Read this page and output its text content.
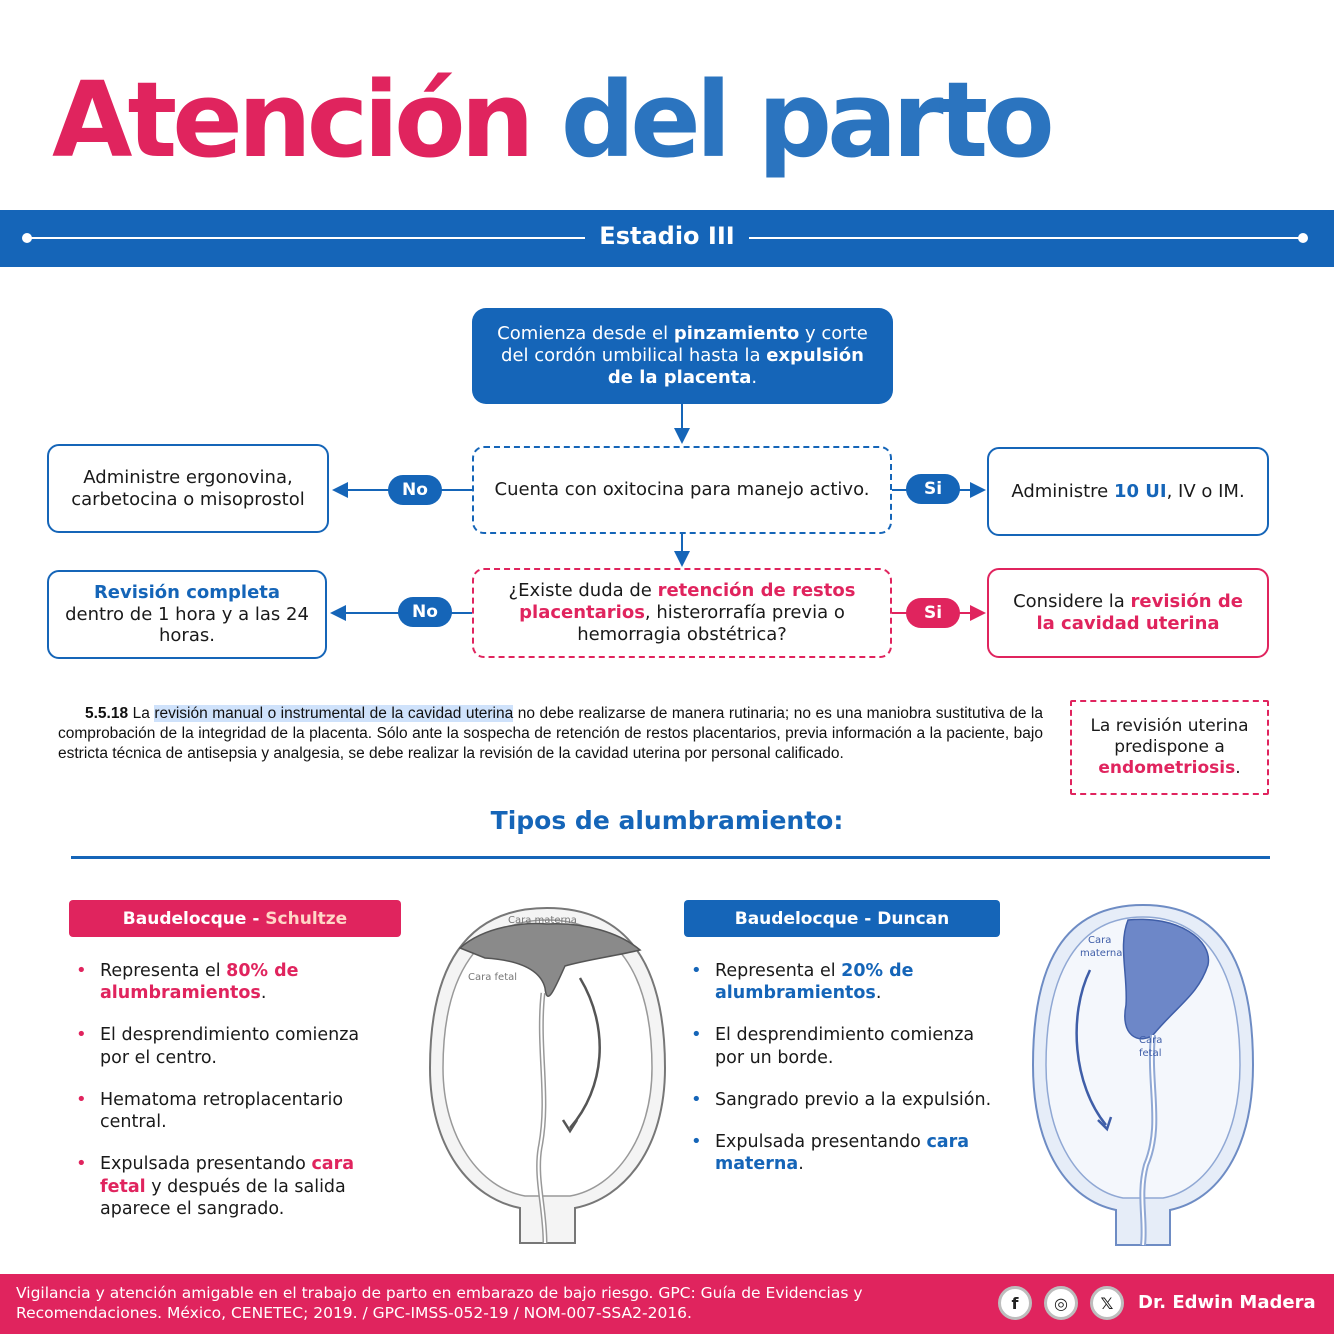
Atención del parto
Estadio III
Comienza desde el pinzamiento y corte del cordón umbilical hasta la expulsión de la placenta.
Cuenta con oxitocina para manejo activo.
Administre ergonovina, carbetocina o misoprostol	Administre 10 UI, IV o IM.
No	Si
¿Existe duda de retención de restos placentarios, histerorrafía previa o hemorragia obstétrica?
Revisión completa dentro de 1 hora y a las 24 horas.
Considere la revisión de la cavidad uterina
No	Si
5.5.18 La revisión manual o instrumental de la cavidad uterina no debe realizarse de manera rutinaria; no es una maniobra sustitutiva de la comprobación de la integridad de la placenta. Sólo ante la sospecha de retención de restos placentarios, previa información a la paciente, bajo estricta técnica de antisepsia y analgesia, se debe realizar la revisión de la cavidad uterina por personal calificado.
La revisión uterina predispone a endometriosis.
Tipos de alumbramiento:
Baudelocque -
Schultze
• Representa el 80% de alumbramientos.
• El desprendimiento comienza por el centro.
• Hematoma retroplacentario central.
• Expulsada presentando cara fetal y después de la salida aparece el sangrado.
Cara materna
Cara fetal
Baudelocque - Duncan
• Representa el 20% de alumbramientos.
• El desprendimiento comienza por un borde.
• Sangrado previo a la expulsión.
• Expulsada presentando cara materna.
Cara
materna
Cara
fetal
Vigilancia y atención amigable en el trabajo de parto en embarazo de bajo riesgo. GPC: Guía de Evidencias y Recomendaciones. México, CENETEC; 2019. / GPC-IMSS-052-19 / NOM-007-SSA2-2016.
f	◎	𝕏	Dr. Edwin Madera
